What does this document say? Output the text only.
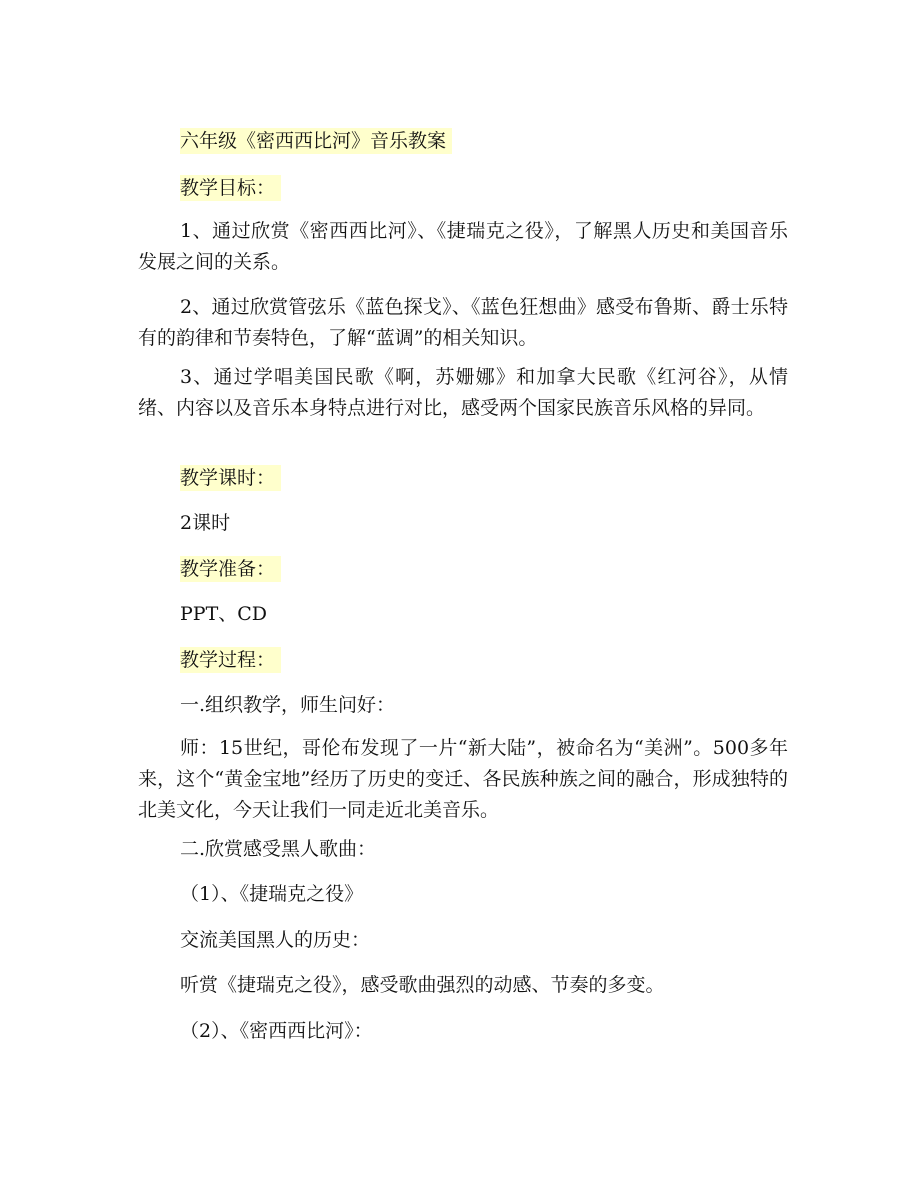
六年级《密西西比河》音乐教案
教学目标：
1、通过欣赏《密西西比河》、《捷瑞克之役》，了解黑人历史和美国音乐发展之间的关系。
2、通过欣赏管弦乐《蓝色探戈》、《蓝色狂想曲》感受布鲁斯、爵士乐特有的韵律和节奏特色，了解“蓝调”的相关知识。
3、通过学唱美国民歌《啊，苏姗娜》和加拿大民歌《红河谷》，从情绪、内容以及音乐本身特点进行对比，感受两个国家民族音乐风格的异同。
教学课时：
2课时
教学准备：
PPT、CD
教学过程：
一.组织教学，师生问好：
师：15世纪，哥伦布发现了一片“新大陆”，被命名为“美洲”。500多年来，这个“黄金宝地”经历了历史的变迁、各民族种族之间的融合，形成独特的北美文化，今天让我们一同走近北美音乐。
二.欣赏感受黑人歌曲：
（1）、《捷瑞克之役》
交流美国黑人的历史：
听赏《捷瑞克之役》，感受歌曲强烈的动感、节奏的多变。
（2）、《密西西比河》：
